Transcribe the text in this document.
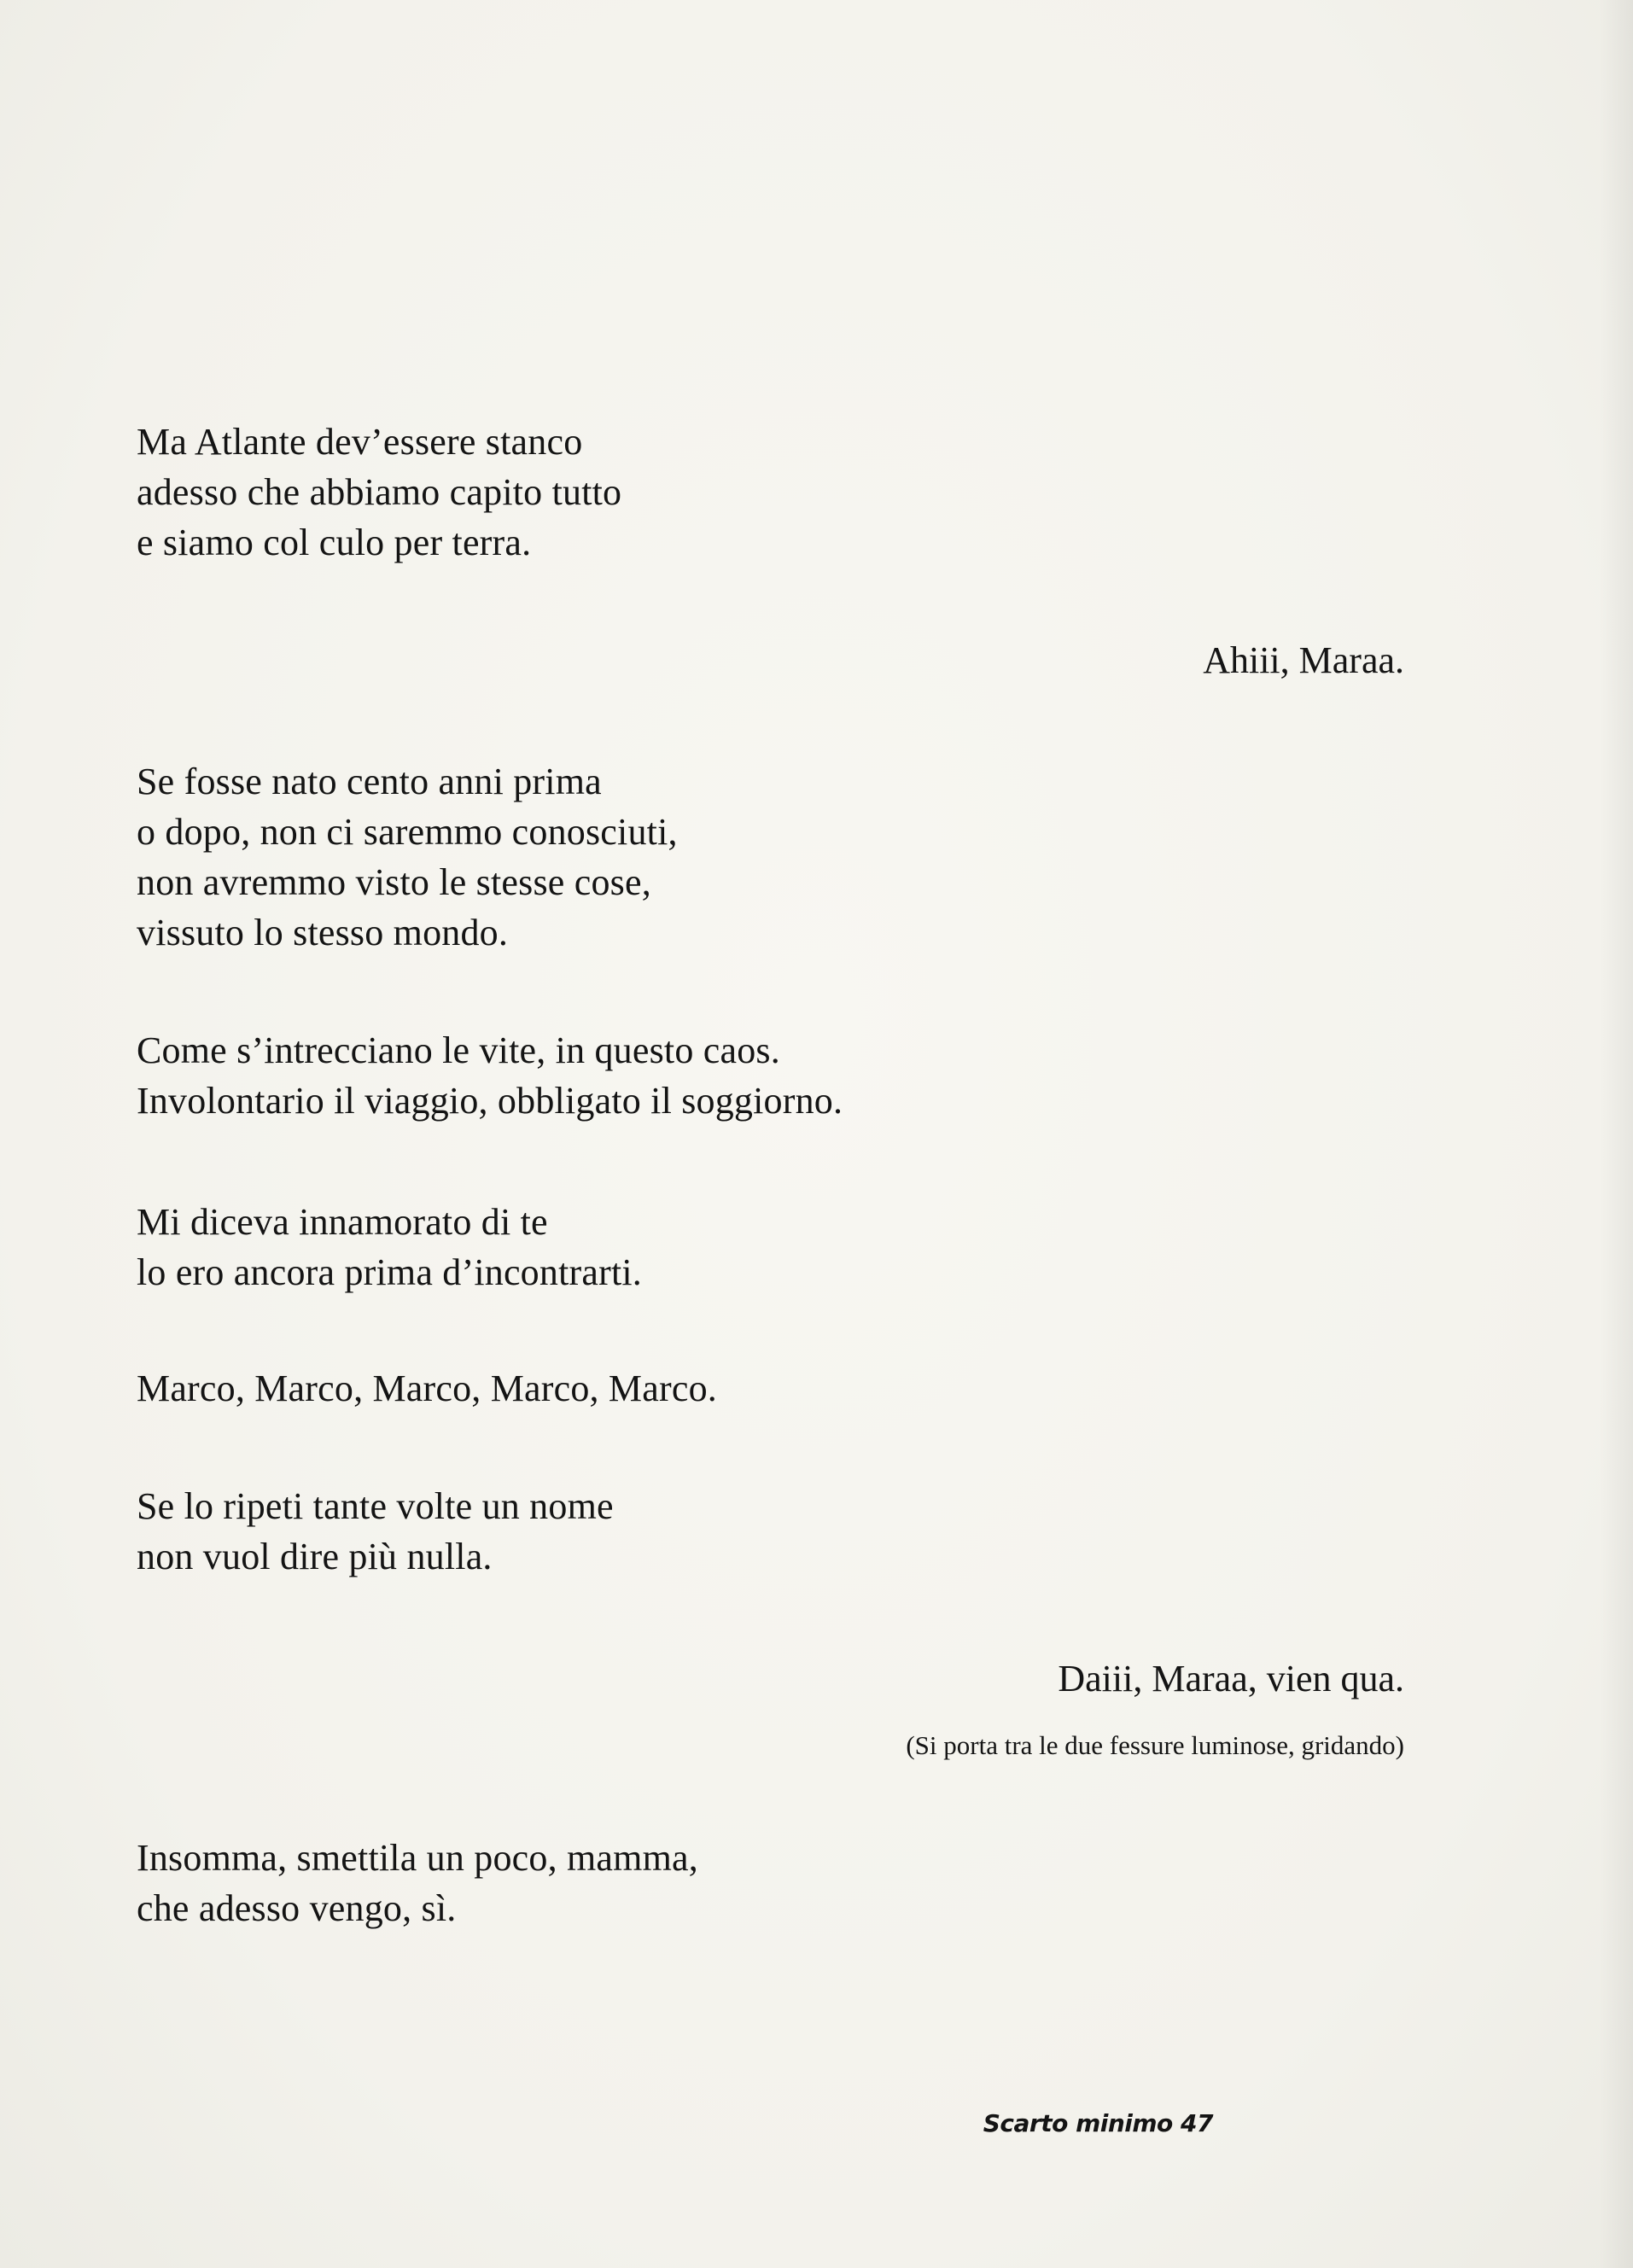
Ma Atlante dev’essere stanco
adesso che abbiamo capito tutto
e siamo col culo per terra.
Ahiii, Maraa.
Se fosse nato cento anni prima
o dopo, non ci saremmo conosciuti,
non avremmo visto le stesse cose,
vissuto lo stesso mondo.
Come s’intrecciano le vite, in questo caos.
Involontario il viaggio, obbligato il soggiorno.
Mi diceva innamorato di te
lo ero ancora prima d’incontrarti.
Marco, Marco, Marco, Marco, Marco.
Se lo ripeti tante volte un nome
non vuol dire più nulla.
Daiii, Maraa, vien qua.
(Si porta tra le due fessure luminose, gridando)
Insomma, smettila un poco, mamma,
che adesso vengo, sì.
Scarto minimo 47
